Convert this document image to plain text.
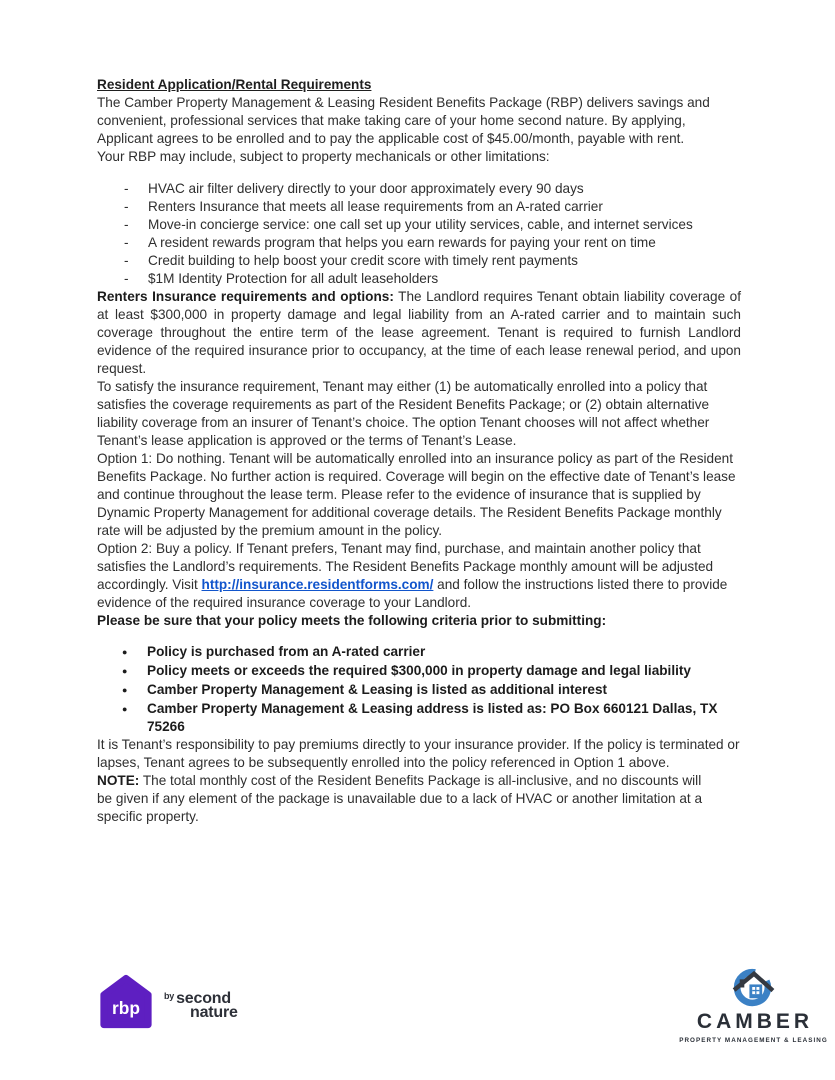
Resident Application/Rental Requirements

The Camber Property Management & Leasing Resident Benefits Package (RBP) delivers savings and convenient, professional services that make taking care of your home second nature. By applying, Applicant agrees to be enrolled and to pay the applicable cost of $45.00/month, payable with rent.

Your RBP may include, subject to property mechanicals or other limitations:

- HVAC air filter delivery directly to your door approximately every 90 days
- Renters Insurance that meets all lease requirements from an A-rated carrier
- Move-in concierge service: one call set up your utility services, cable, and internet services
- A resident rewards program that helps you earn rewards for paying your rent on time
- Credit building to help boost your credit score with timely rent payments
- $1M Identity Protection for all adult leaseholders

Renters Insurance requirements and options: The Landlord requires Tenant obtain liability coverage of at least $300,000 in property damage and legal liability from an A-rated carrier and to maintain such coverage throughout the entire term of the lease agreement. Tenant is required to furnish Landlord evidence of the required insurance prior to occupancy, at the time of each lease renewal period, and upon request.

To satisfy the insurance requirement, Tenant may either (1) be automatically enrolled into a policy that satisfies the coverage requirements as part of the Resident Benefits Package; or (2) obtain alternative liability coverage from an insurer of Tenant’s choice. The option Tenant chooses will not affect whether Tenant’s lease application is approved or the terms of Tenant’s Lease.

Option 1: Do nothing. Tenant will be automatically enrolled into an insurance policy as part of the Resident Benefits Package. No further action is required. Coverage will begin on the effective date of Tenant’s lease and continue throughout the lease term. Please refer to the evidence of insurance that is supplied by Dynamic Property Management for additional coverage details. The Resident Benefits Package monthly rate will be adjusted by the premium amount in the policy.

Option 2: Buy a policy. If Tenant prefers, Tenant may find, purchase, and maintain another policy that satisfies the Landlord’s requirements. The Resident Benefits Package monthly amount will be adjusted accordingly. Visit http://insurance.residentforms.com/ and follow the instructions listed there to provide evidence of the required insurance coverage to your Landlord.

Please be sure that your policy meets the following criteria prior to submitting:

● Policy is purchased from an A-rated carrier
● Policy meets or exceeds the required $300,000 in property damage and legal liability
● Camber Property Management & Leasing is listed as additional interest
● Camber Property Management & Leasing address is listed as: PO Box 660121 Dallas, TX 75266

It is Tenant’s responsibility to pay premiums directly to your insurance provider. If the policy is terminated or lapses, Tenant agrees to be subsequently enrolled into the policy referenced in Option 1 above.

NOTE: The total monthly cost of the Resident Benefits Package is all-inclusive, and no discounts will be given if any element of the package is unavailable due to a lack of HVAC or another limitation at a specific property.

rbp
$^{by}$ second
nature	CAMBER
PROPERTY MANAGEMENT & LEASING
